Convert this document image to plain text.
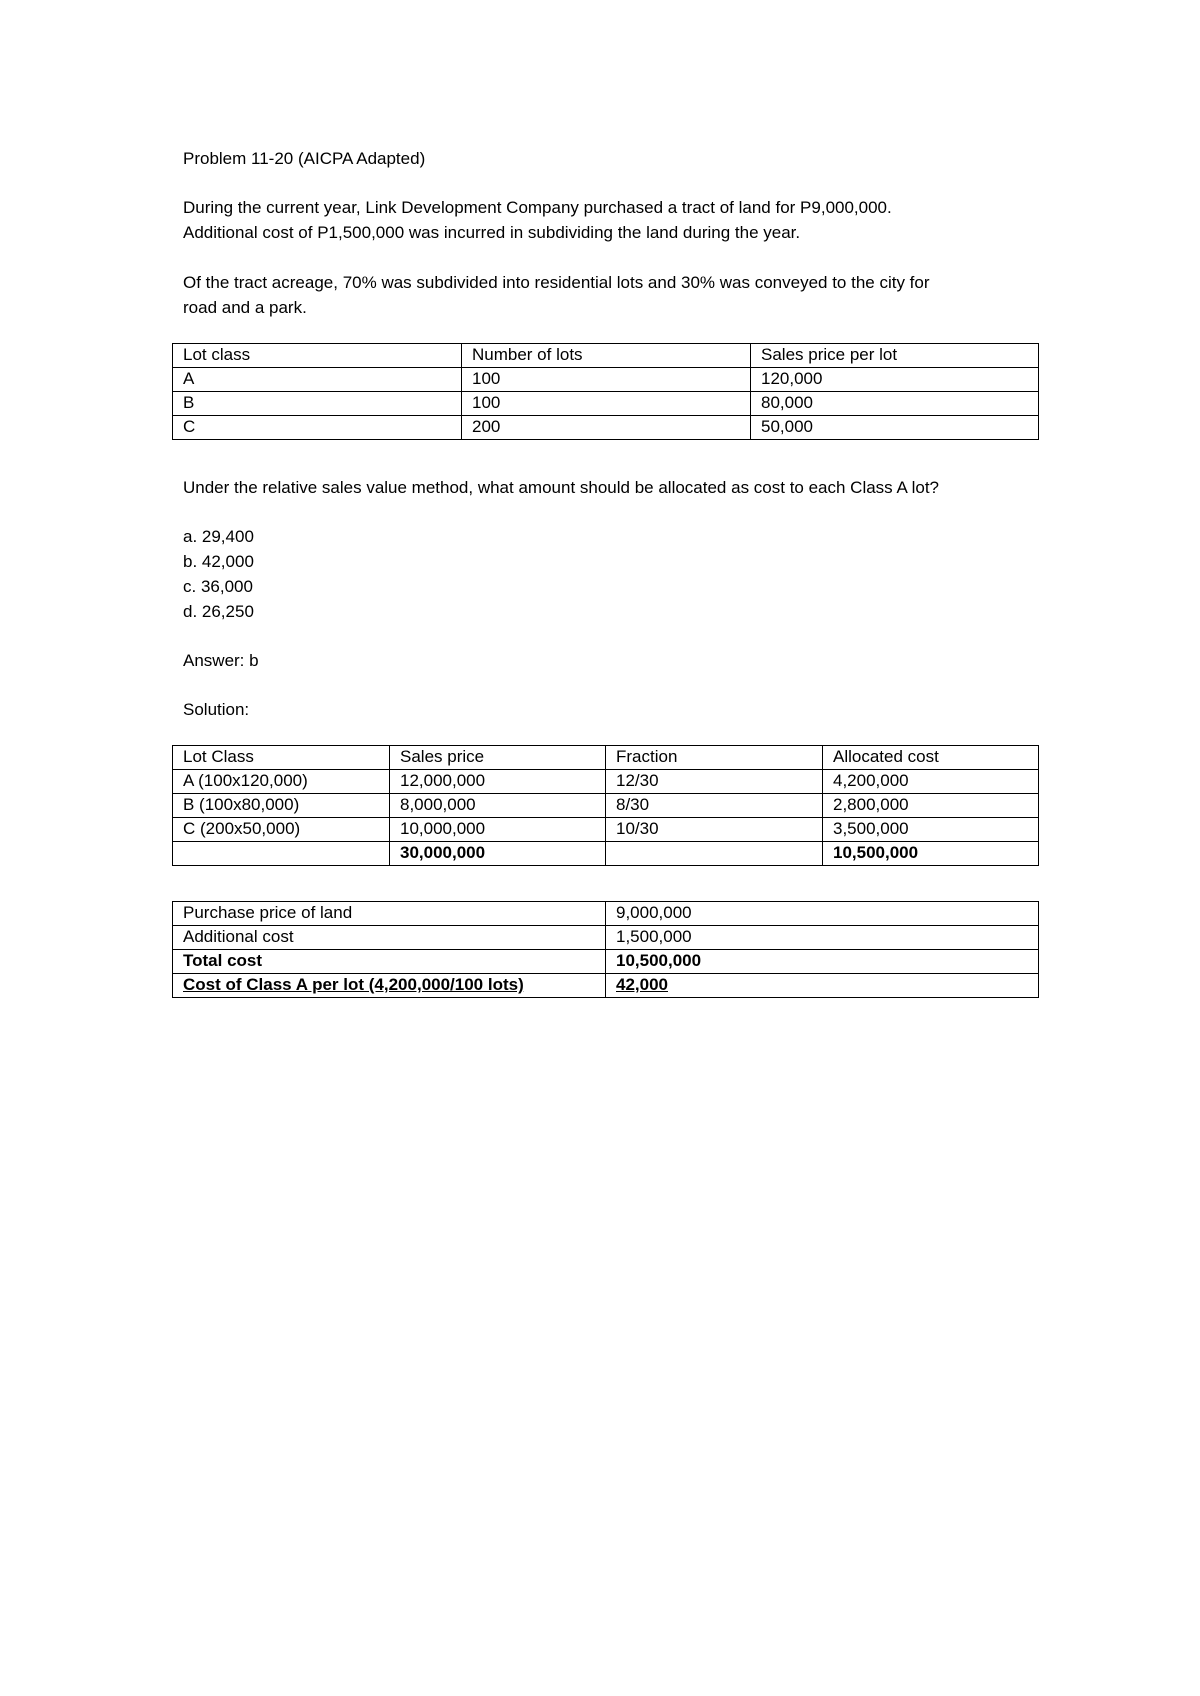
Problem 11-20 (AICPA Adapted)

During the current year, Link Development Company purchased a tract of land for P9,000,000.

Additional cost of P1,500,000 was incurred in subdividing the land during the year.

Of the tract acreage, 70% was subdivided into residential lots and 30% was conveyed to the city for

road and a park.

Lot class	Number of lots	Sales price per lot
A	100	120,000
B	100	80,000
C	200	50,000

Under the relative sales value method, what amount should be allocated as cost to each Class A lot?

a. 29,400

b. 42,000

c. 36,000

d. 26,250

Answer: b

Solution:

Lot Class	Sales price	Fraction	Allocated cost
A (100x120,000)	12,000,000	12/30	4,200,000
B (100x80,000)	8,000,000	8/30	2,800,000
C (200x50,000)	10,000,000	10/30	3,500,000
	30,000,000		10,500,000
Purchase price of land	9,000,000
Additional cost	1,500,000
Total cost	10,500,000
Cost of Class A per lot (4,200,000/100 lots)	42,000
